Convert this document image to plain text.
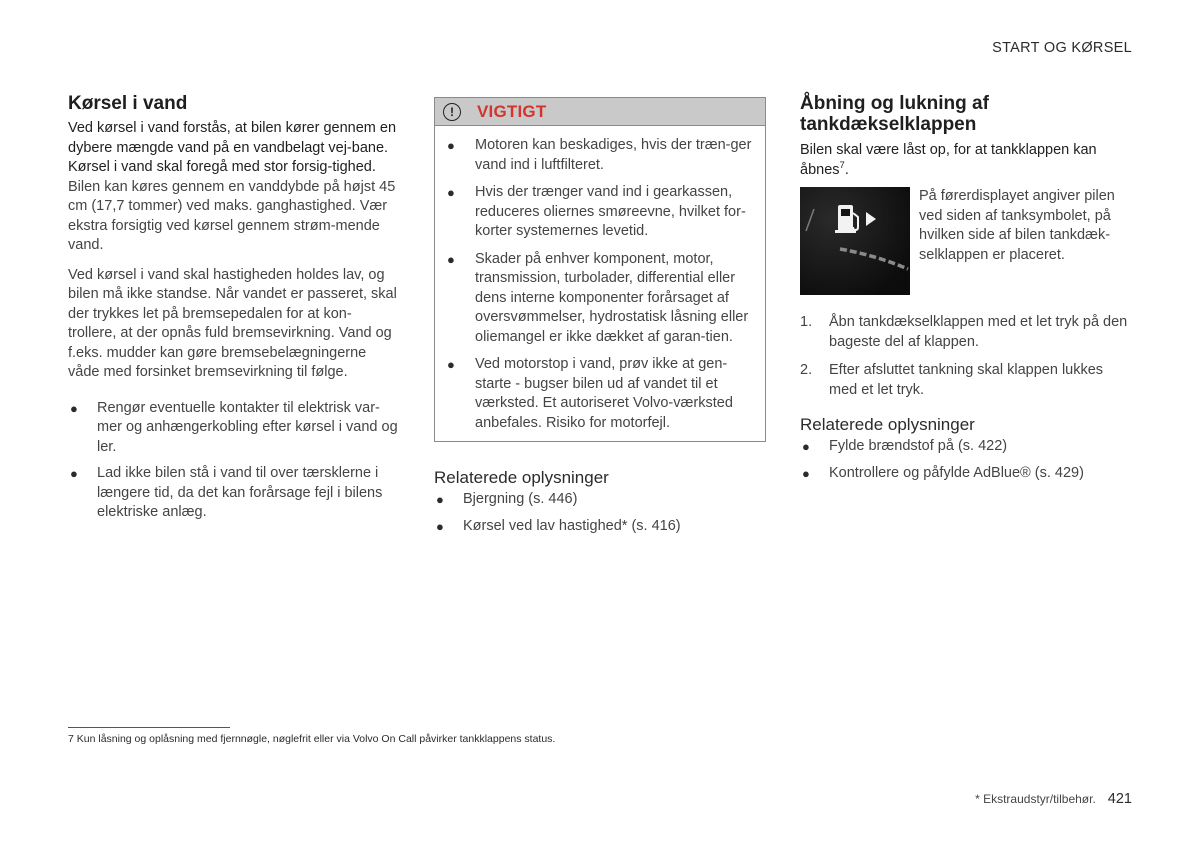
START OG KØRSEL
Kørsel i vand
Ved kørsel i vand forstås, at bilen kører gennem en dybere mængde vand på en vandbelagt vej-bane. Kørsel i vand skal foregå med stor forsig-tighed.

Bilen kan køres gennem en vanddybde på højst 45 cm (17,7 tommer) ved maks. ganghastighed. Vær ekstra forsigtig ved kørsel gennem strøm-mende vand.

Ved kørsel i vand skal hastigheden holdes lav, og bilen må ikke standse. Når vandet er passeret, skal der trykkes let på bremsepedalen for at kon-trollere, at der opnås fuld bremsevirkning. Vand og f.eks. mudder kan gøre bremsebelægningerne våde med forsinket bremsevirkning til følge.

● Rengør eventuelle kontakter til elektrisk var-mer og anhængerkobling efter kørsel i vand og ler.
● Lad ikke bilen stå i vand til over tærsklerne i længere tid, da det kan forårsage fejl i bilens elektriske anlæg.
!	VIGTIGT
● Motoren kan beskadiges, hvis der træn-ger vand ind i luftfilteret.
● Hvis der trænger vand ind i gearkassen, reduceres oliernes smøreevne, hvilket for-korter systemernes levetid.
● Skader på enhver komponent, motor, transmission, turbolader, differential eller dens interne komponenter forårsaget af oversvømmelser, hydrostatisk låsning eller oliemangel er ikke dækket af garan-tien.
● Ved motorstop i vand, prøv ikke at gen-starte - bugser bilen ud af vandet til et værksted. Et autoriseret Volvo-værksted anbefales. Risiko for motorfejl.
Relaterede oplysninger
● Bjergning (s. 446)
● Kørsel ved lav hastighed* (s. 416)
Åbning og lukning af tankdækselklappen
Bilen skal være låst op, for at tankklappen kan åbnes$^7$.

På førerdisplayet angiver pilen ved siden af tanksymbolet, på hvilken side af bilen tankdæk-selklappen er placeret.

1. Åbn tankdækselklappen med et let tryk på den bageste del af klappen.
2. Efter afsluttet tankning skal klappen lukkes med et let tryk.
Relaterede oplysninger
● Fylde brændstof på (s. 422)
● Kontrollere og påfylde AdBlue® (s. 429)
7 Kun låsning og oplåsning med fjernnøgle, nøglefrit eller via Volvo On Call påvirker tankklappens status.
* Ekstraudstyr/tilbehør. 421
